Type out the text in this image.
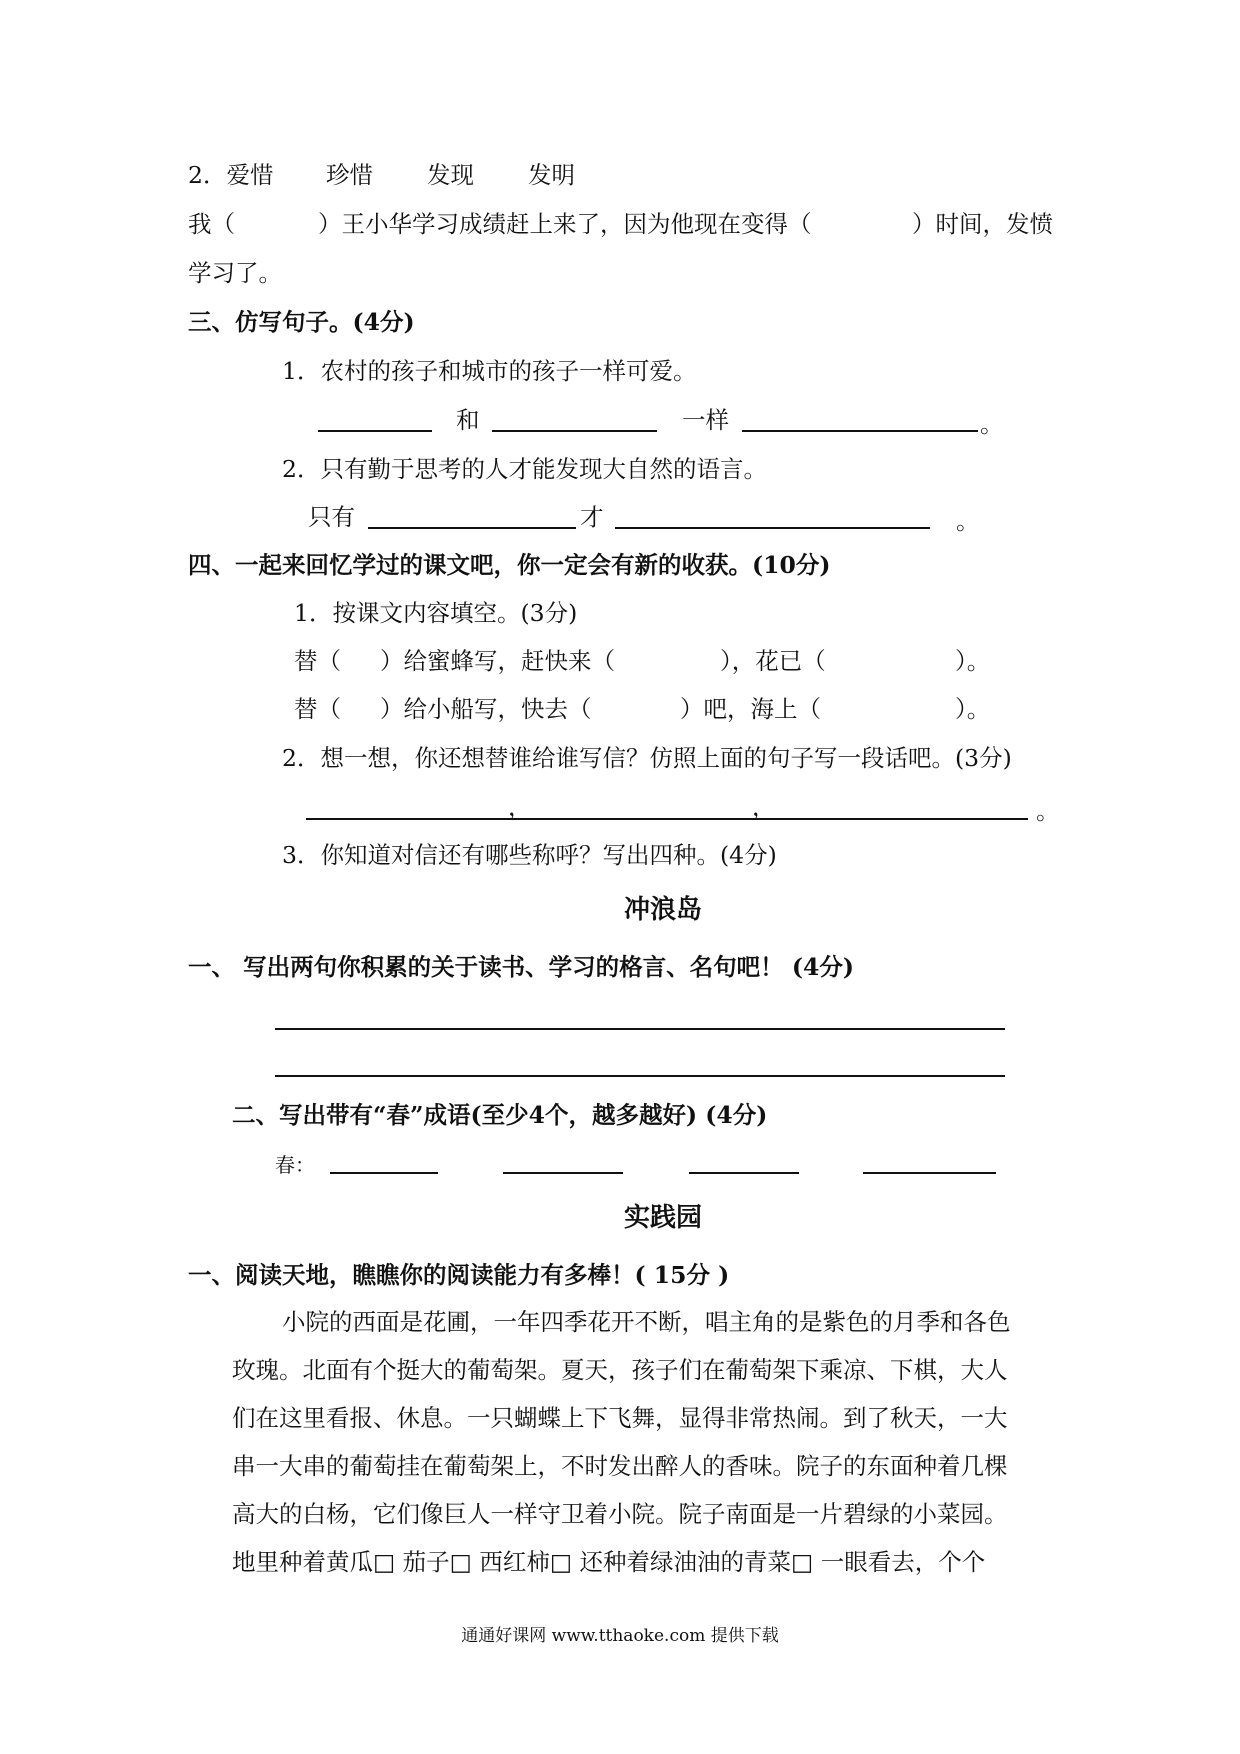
2．爱惜 珍惜 发现 发明
我（	）王小华学习成绩赶上来了，因为他现在变得（	）时间，发愤
学习了。
三、仿写句子。(4分)
1．农村的孩子和城市的孩子一样可爱。
和	一样	。
2．只有勤于思考的人才能发现大自然的语言。
只有	才	。
四、一起来回忆学过的课文吧，你一定会有新的收获。(10分)
1．按课文内容填空。(3分)
替（ ）给蜜蜂写，赶快来（	），花已（	）。
替（ ）给小船写，快去（	）吧，海上（	）。
2．想一想，你还想替谁给谁写信？仿照上面的句子写一段话吧。(3分)
，	，	。
3．你知道对信还有哪些称呼？写出四种。(4分)
冲浪岛
一、 写出两句你积累的关于读书、学习的格言、名句吧！ (4分)
二、写出带有“春”成语(至少4个，越多越好) (4分)
春：
实践园
一、阅读天地，瞧瞧你的阅读能力有多棒！( 15分 )
小院的西面是花圃，一年四季花开不断，唱主角的是紫色的月季和各色
玫瑰。北面有个挺大的葡萄架。夏天，孩子们在葡萄架下乘凉、下棋，大人
们在这里看报、休息。一只蝴蝶上下飞舞，显得非常热闹。到了秋天，一大
串一大串的葡萄挂在葡萄架上，不时发出醉人的香味。院子的东面种着几棵
高大的白杨，它们像巨人一样守卫着小院。院子南面是一片碧绿的小菜园。
地里种着黄瓜□ 茄子□ 西红柿□ 还种着绿油油的青菜□ 一眼看去，个个
通通好课网 www.tthaoke.com 提供下载
